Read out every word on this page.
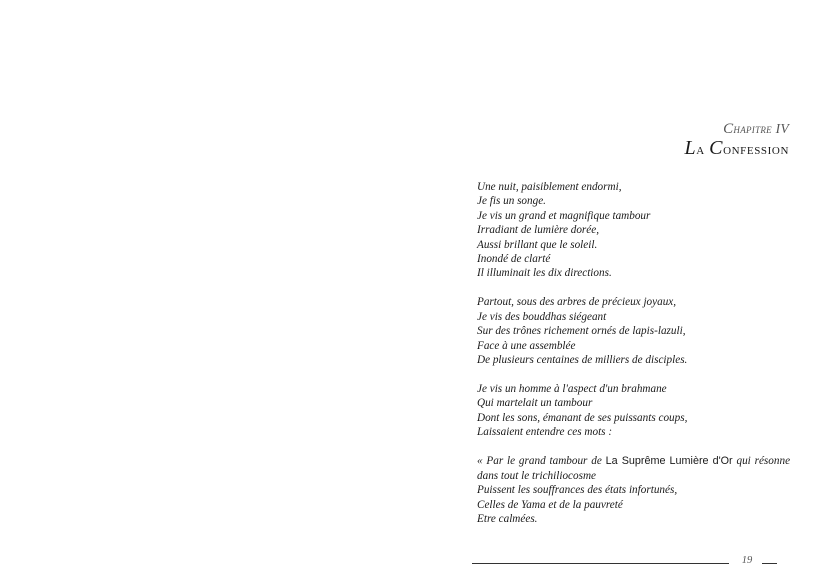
Chapitre IV
La Confession
Une nuit, paisiblement endormi,
Je fis un songe.
Je vis un grand et magnifique tambour
Irradiant de lumière dorée,
Aussi brillant que le soleil.
Inondé de clarté
Il illuminait les dix directions.
Partout, sous des arbres de précieux joyaux,
Je vis des bouddhas siégeant
Sur des trônes richement ornés de lapis-lazuli,
Face à une assemblée
De plusieurs centaines de milliers de disciples.
Je vis un homme à l'aspect d'un brahmane
Qui martelait un tambour
Dont les sons, émanant de ses puissants coups,
Laissaient entendre ces mots :
« Par le grand tambour de La Suprême Lumière d'Or qui résonne
dans tout le trichiliocosme
Puissent les souffrances des états infortunés,
Celles de Yama et de la pauvreté
Etre calmées.
19
